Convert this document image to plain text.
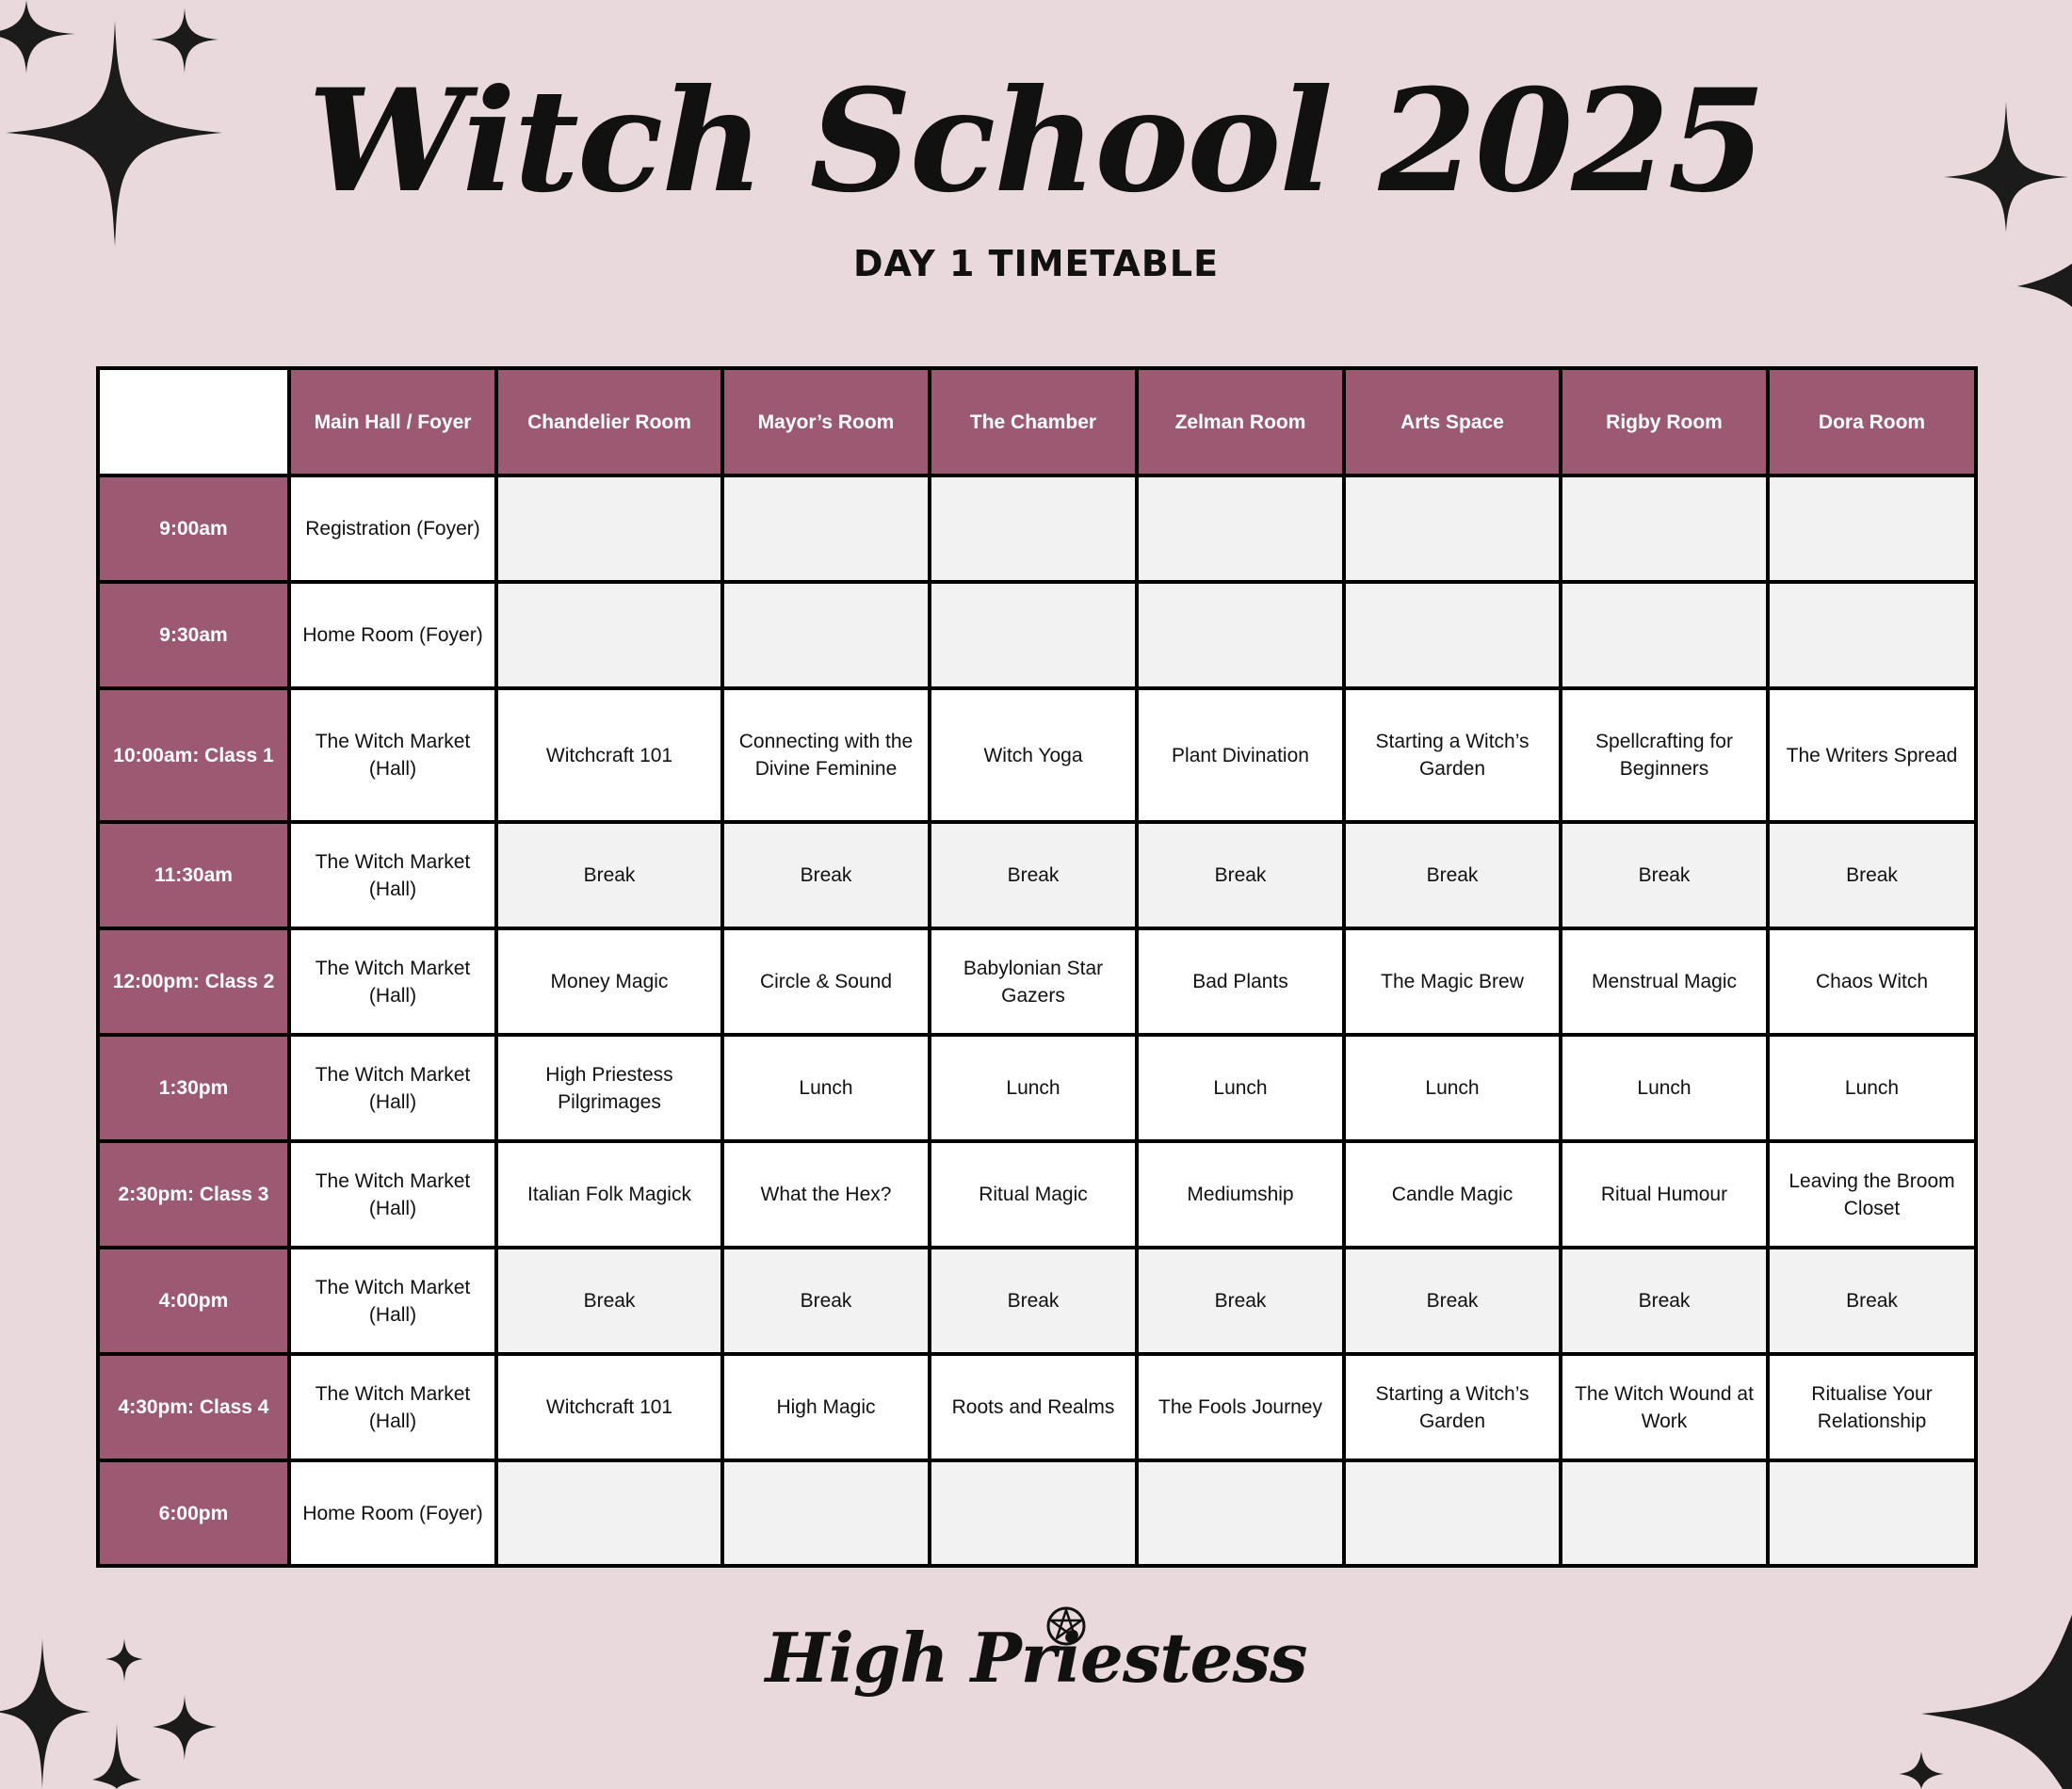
Witch School 2025
DAY 1 TIMETABLE
	Main Hall / Foyer	Chandelier Room	Mayor’s Room	The Chamber	Zelman Room	Arts Space	Rigby Room	Dora Room
9:00am	Registration (Foyer)							
9:30am	Home Room (Foyer)							
10:00am: Class 1	The Witch Market (Hall)	Witchcraft 101	Connecting with the Divine Feminine	Witch Yoga	Plant Divination	Starting a Witch’s Garden	Spellcrafting for Beginners	The Writers Spread
11:30am	The Witch Market (Hall)	Break	Break	Break	Break	Break	Break	Break
12:00pm: Class 2	The Witch Market (Hall)	Money Magic	Circle & Sound	Babylonian Star Gazers	Bad Plants	The Magic Brew	Menstrual Magic	Chaos Witch
1:30pm	The Witch Market (Hall)	High Priestess Pilgrimages	Lunch	Lunch	Lunch	Lunch	Lunch	Lunch
2:30pm: Class 3	The Witch Market (Hall)	Italian Folk Magick	What the Hex?	Ritual Magic	Mediumship	Candle Magic	Ritual Humour	Leaving the Broom Closet
4:00pm	The Witch Market (Hall)	Break	Break	Break	Break	Break	Break	Break
4:30pm: Class 4	The Witch Market (Hall)	Witchcraft 101	High Magic	Roots and Realms	The Fools Journey	Starting a Witch’s Garden	The Witch Wound at Work	Ritualise Your Relationship
6:00pm	Home Room (Foyer)							
High Priestess
